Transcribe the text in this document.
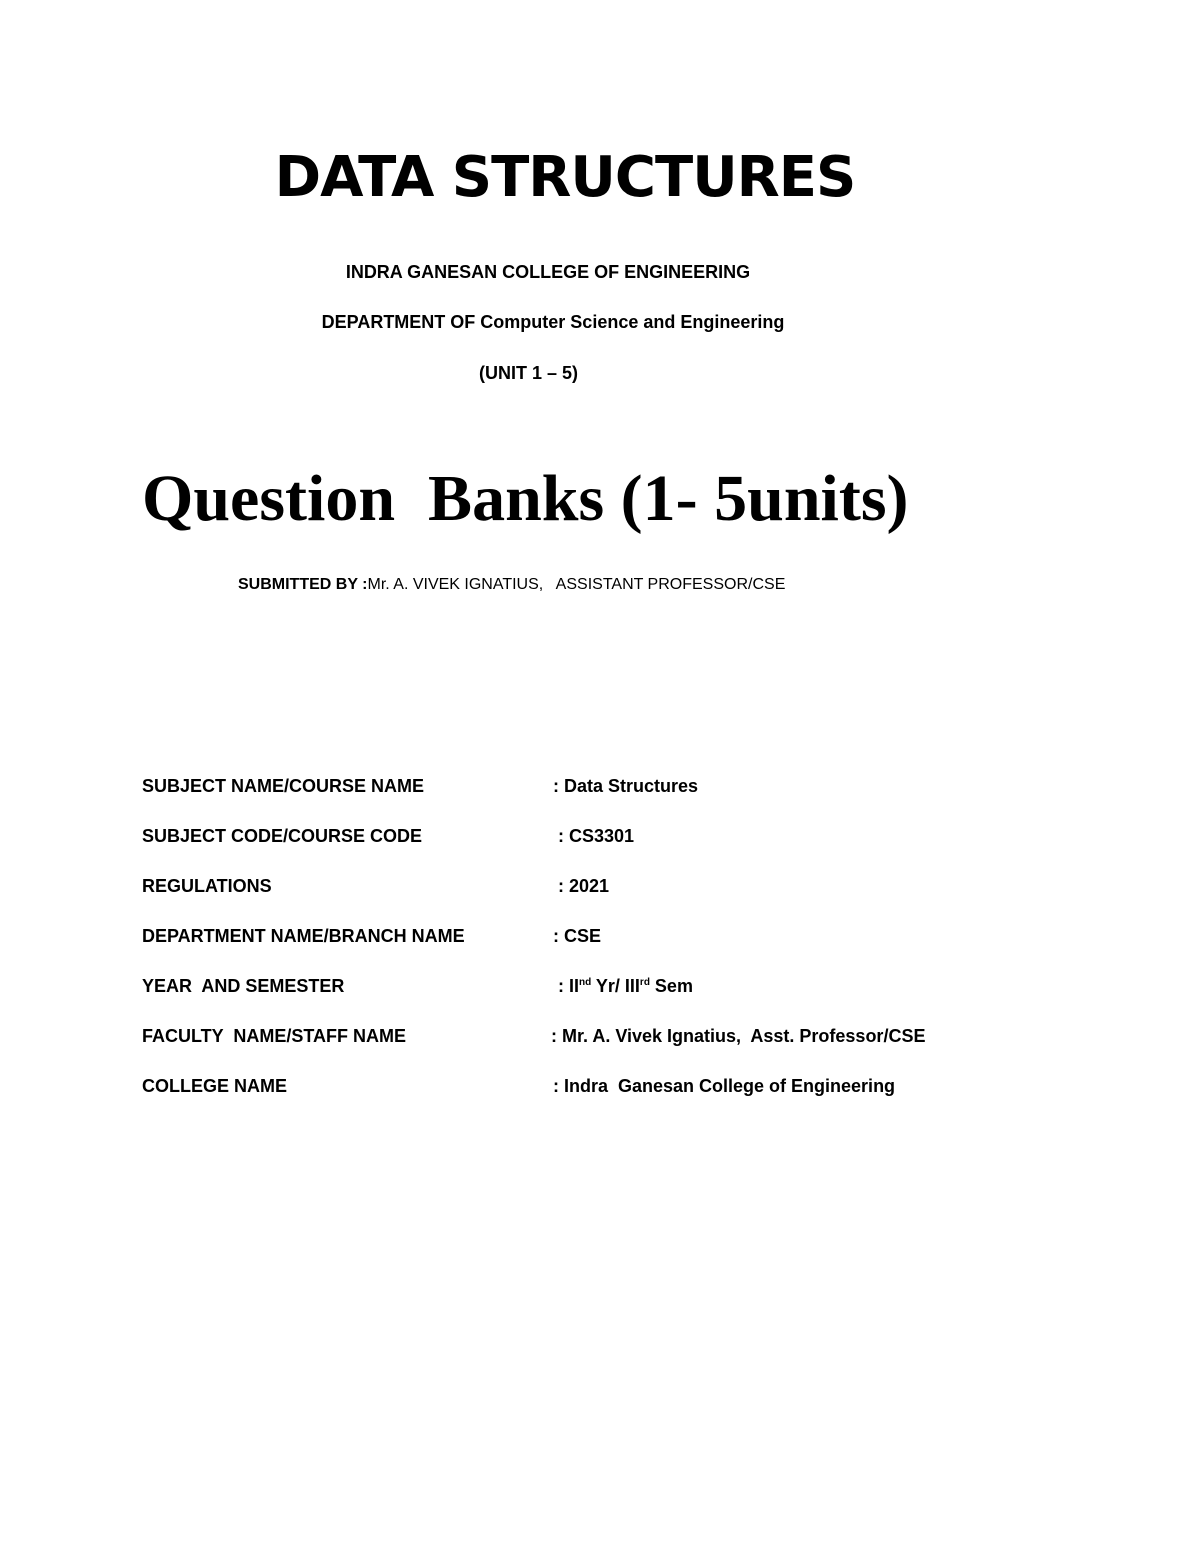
DATA STRUCTURES
INDRA GANESAN COLLEGE OF ENGINEERING
DEPARTMENT OF Computer Science and Engineering
(UNIT 1 – 5)
Question  Banks (1- 5units)
SUBMITTED BY :Mr. A. VIVEK IGNATIUS,   ASSISTANT PROFESSOR/CSE

SUBJECT NAME/COURSE NAME

	: Data Structures

SUBJECT CODE/COURSE CODE

	: CS3301

REGULATIONS

	: 2021

DEPARTMENT NAME/BRANCH NAME

	: CSE

YEAR  AND SEMESTER

	: IInd Yr/ IIIrd Sem

FACULTY  NAME/STAFF NAME

	: Mr. A. Vivek Ignatius,  Asst. Professor/CSE

COLLEGE NAME

	: Indra  Ganesan College of Engineering
